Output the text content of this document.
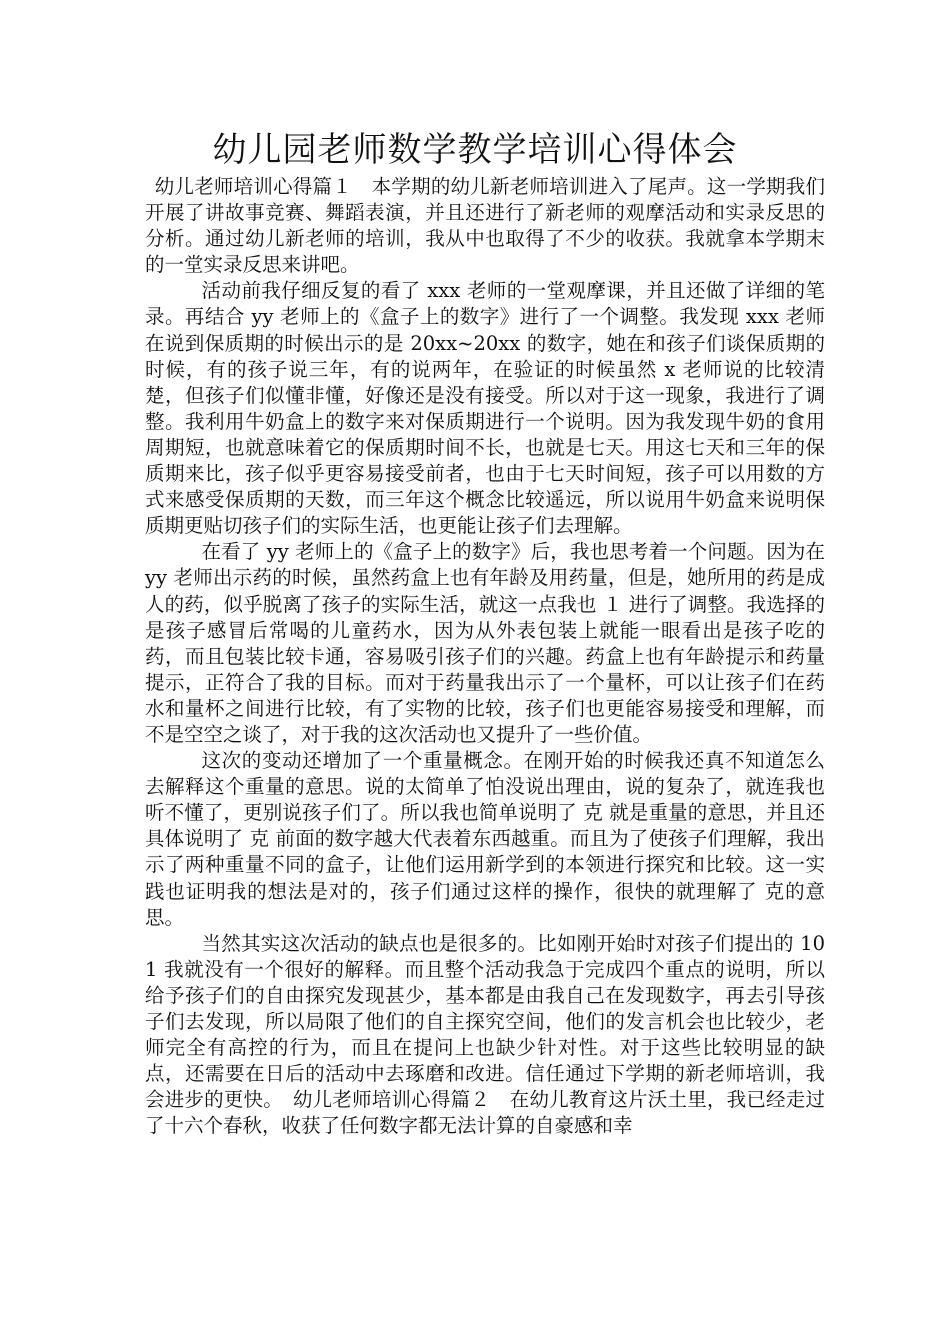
幼儿园老师数学教学培训心得体会

幼儿老师培训心得篇１　本学期的幼儿新老师培训进入了尾声。这一学期我们开展了讲故事竞赛、舞蹈表演，并且还进行了新老师的观摩活动和实录反思的分析。通过幼儿新老师的培训，我从中也取得了不少的收获。我就拿本学期末的一堂实录反思来讲吧。

活动前我仔细反复的看了 xxx 老师的一堂观摩课，并且还做了详细的笔录。再结合 yy 老师上的《盒子上的数字》进行了一个调整。我发现 xxx 老师在说到保质期的时候出示的是 20xx~20xx 的数字，她在和孩子们谈保质期的时候，有的孩子说三年，有的说两年，在验证的时候虽然 x 老师说的比较清楚，但孩子们似懂非懂，好像还是没有接受。所以对于这一现象，我进行了调整。我利用牛奶盒上的数字来对保质期进行一个说明。因为我发现牛奶的食用周期短，也就意味着它的保质期时间不长，也就是七天。用这七天和三年的保质期来比，孩子似乎更容易接受前者，也由于七天时间短，孩子可以用数的方式来感受保质期的天数，而三年这个概念比较遥远，所以说用牛奶盒来说明保质期更贴切孩子们的实际生活，也更能让孩子们去理解。

在看了 yy 老师上的《盒子上的数字》后，我也思考着一个问题。因为在 yy 老师出示药的时候，虽然药盒上也有年龄及用药量，但是，她所用的药是成人的药，似乎脱离了孩子的实际生活，就这一点我也 １ 进行了调整。我选择的是孩子感冒后常喝的儿童药水，因为从外表包装上就能一眼看出是孩子吃的药，而且包装比较卡通，容易吸引孩子们的兴趣。药盒上也有年龄提示和药量提示，正符合了我的目标。而对于药量我出示了一个量杯，可以让孩子们在药水和量杯之间进行比较，有了实物的比较，孩子们也更能容易接受和理解，而不是空空之谈了，对于我的这次活动也又提升了一些价值。

这次的变动还增加了一个重量概念。在刚开始的时候我还真不知道怎么去解释这个重量的意思。说的太简单了怕没说出理由，说的复杂了，就连我也听不懂了，更别说孩子们了。所以我也简单说明了 克 就是重量的意思，并且还具体说明了 克 前面的数字越大代表着东西越重。而且为了使孩子们理解，我出示了两种重量不同的盒子，让他们运用新学到的本领进行探究和比较。这一实践也证明我的想法是对的，孩子们通过这样的操作，很快的就理解了 克的意思。

当然其实这次活动的缺点也是很多的。比如刚开始时对孩子们提出的 101 我就没有一个很好的解释。而且整个活动我急于完成四个重点的说明，所以给予孩子们的自由探究发现甚少，基本都是由我自己在发现数字，再去引导孩子们去发现，所以局限了他们的自主探究空间，他们的发言机会也比较少，老师完全有高控的行为，而且在提问上也缺少针对性。对于这些比较明显的缺点，还需要在日后的活动中去琢磨和改进。信任通过下学期的新老师培训，我会进步的更快。　幼儿老师培训心得篇２　在幼儿教育这片沃土里，我已经走过了十六个春秋，收获了任何数字都无法计算的自豪感和幸
